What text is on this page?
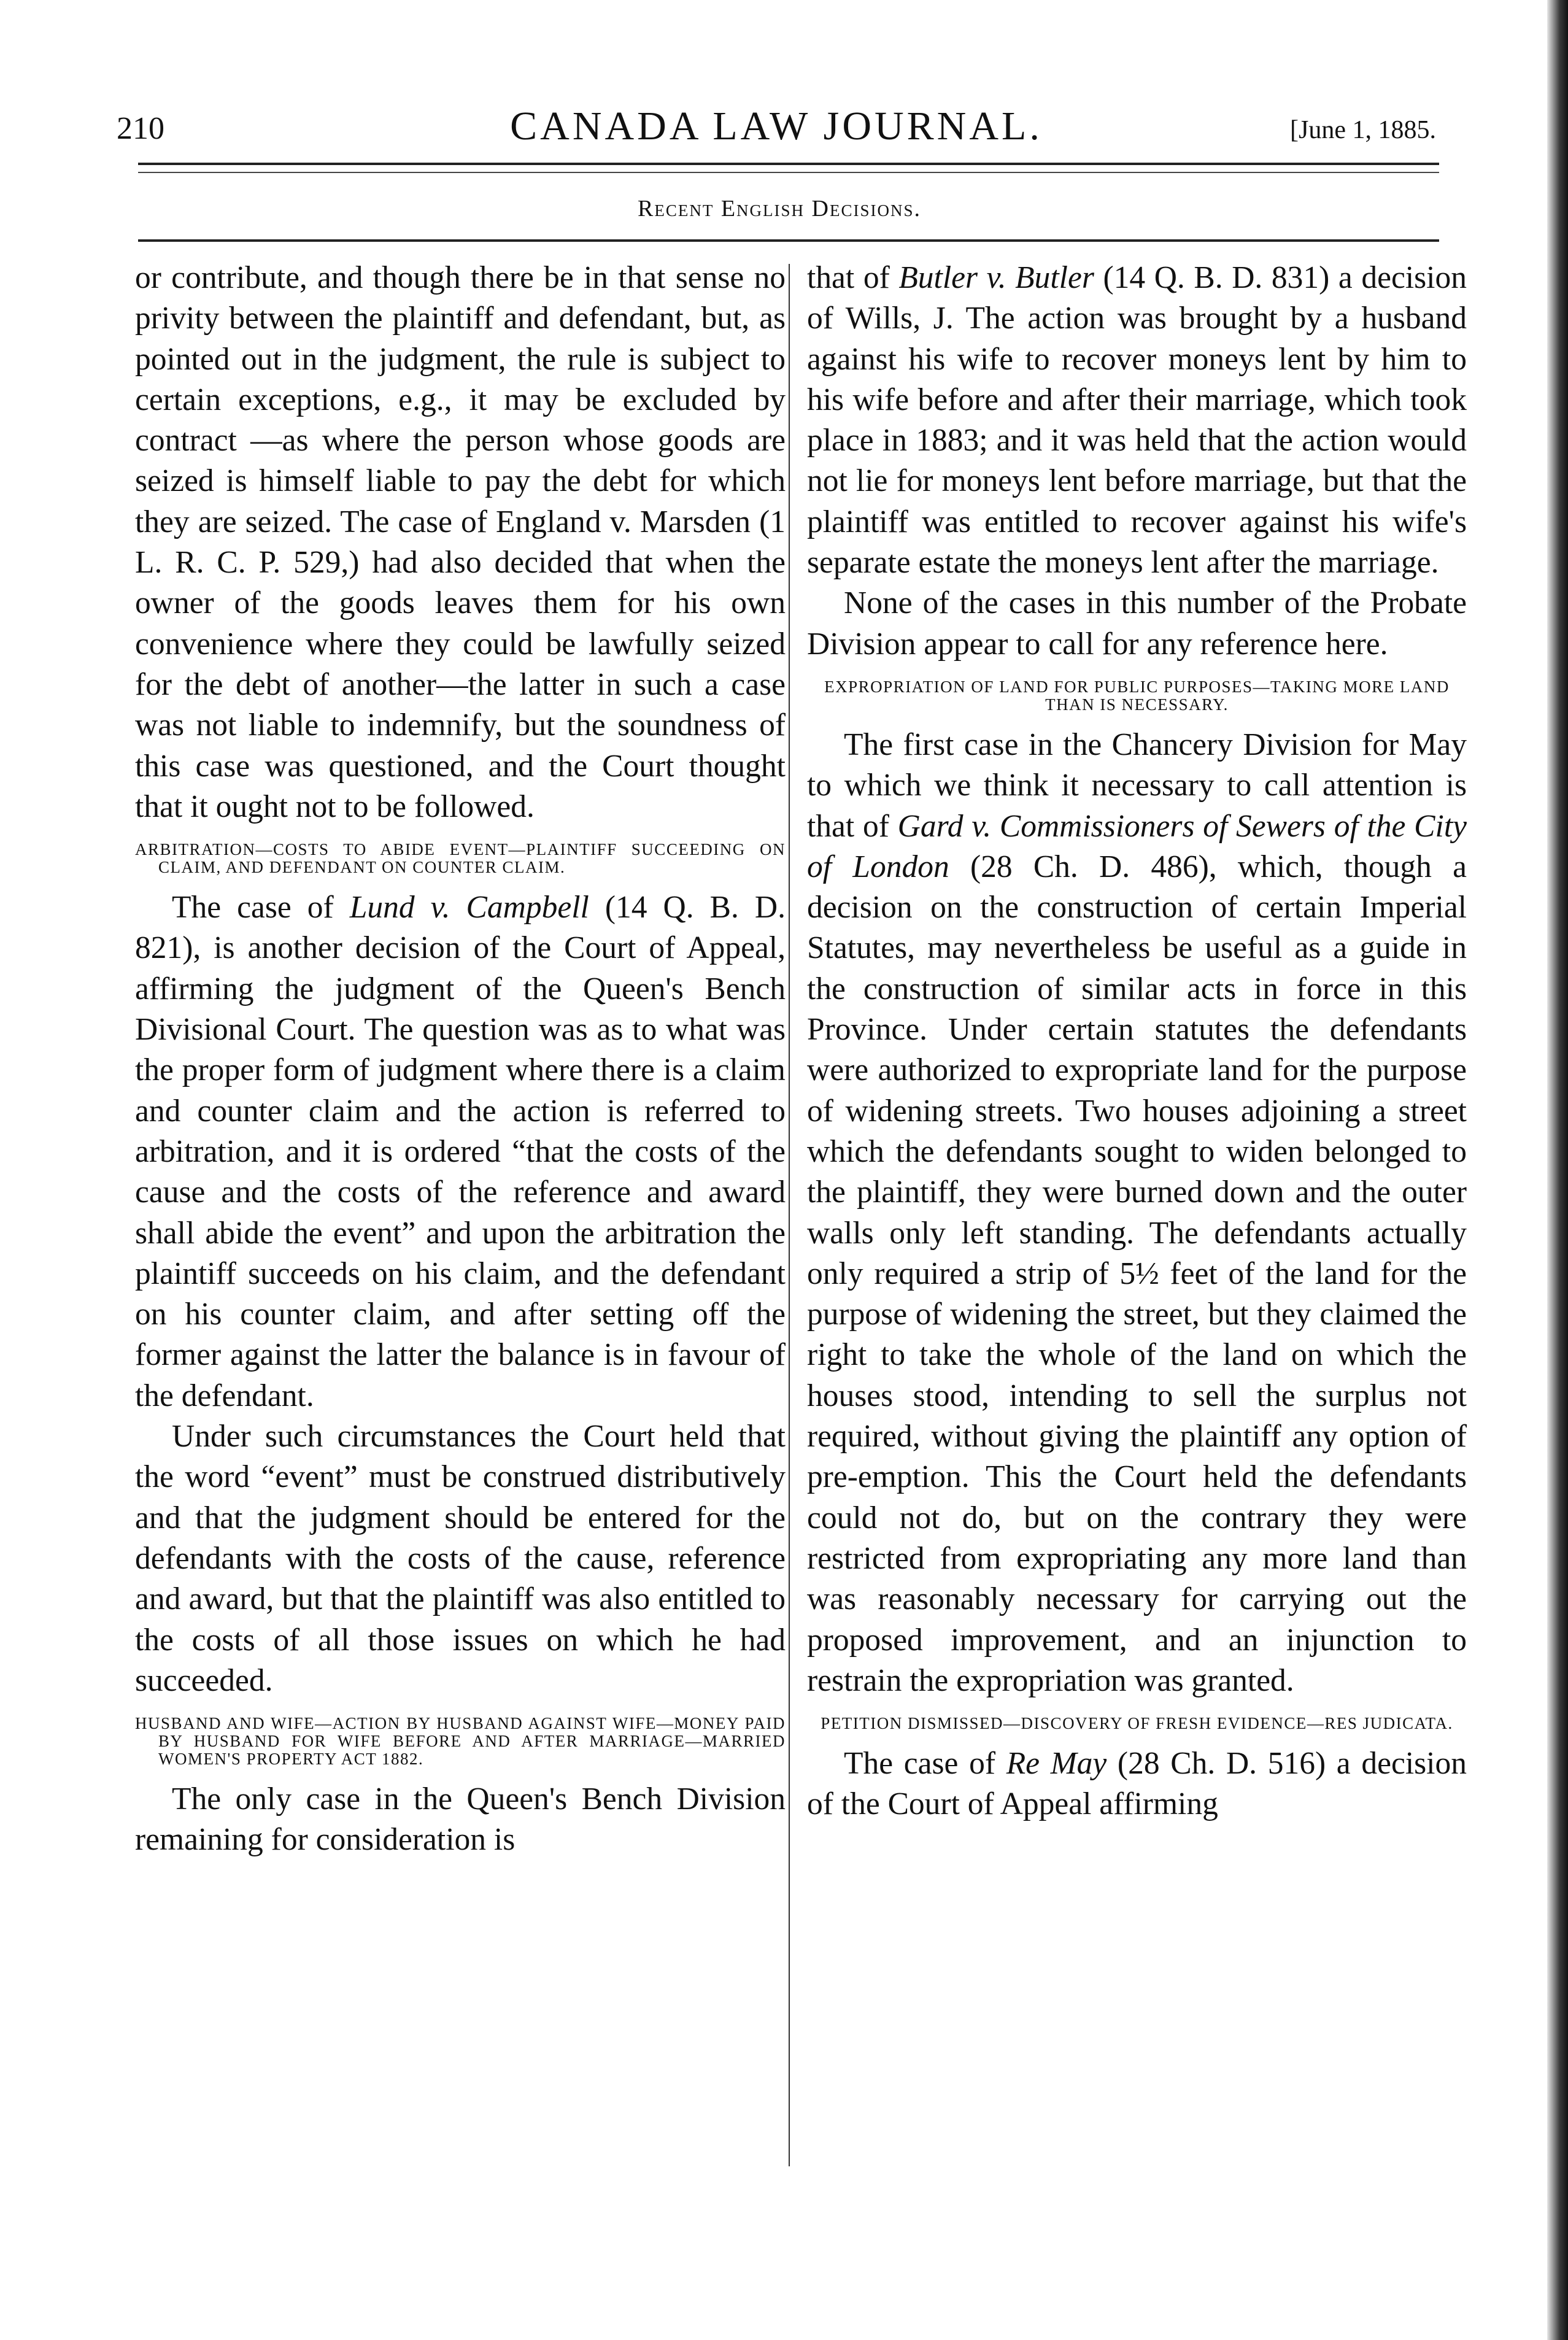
210	CANADA LAW JOURNAL.	[June 1, 1885.
Recent English Decisions.

or contribute, and though there be in that sense no privity between the plaintiff and defendant, but, as pointed out in the judgment, the rule is subject to certain exceptions, e.g., it may be excluded by contract —as where the person whose goods are seized is himself liable to pay the debt for which they are seized. The case of England v. Marsden (1 L. R. C. P. 529,) had also decided that when the owner of the goods leaves them for his own convenience where they could be lawfully seized for the debt of another—the latter in such a case was not liable to indemnify, but the soundness of this case was questioned, and the Court thought that it ought not to be followed.

ARBITRATION—COSTS TO ABIDE EVENT—PLAINTIFF SUCCEEDING ON CLAIM, AND DEFENDANT ON COUNTER CLAIM.

The case of Lund v. Campbell (14 Q. B. D. 821), is another decision of the Court of Appeal, affirming the judgment of the Queen's Bench Divisional Court. The question was as to what was the proper form of judgment where there is a claim and counter claim and the action is referred to arbitration, and it is ordered “that the costs of the cause and the costs of the reference and award shall abide the event” and upon the arbitration the plaintiff succeeds on his claim, and the defendant on his counter claim, and after setting off the former against the latter the balance is in favour of the defendant.

Under such circumstances the Court held that the word “event” must be construed distributively and that the judgment should be entered for the defendants with the costs of the cause, reference and award, but that the plaintiff was also entitled to the costs of all those issues on which he had succeeded.

HUSBAND AND WIFE—ACTION BY HUSBAND AGAINST WIFE—MONEY PAID BY HUSBAND FOR WIFE BEFORE AND AFTER MARRIAGE—MARRIED WOMEN'S PROPERTY ACT 1882.

The only case in the Queen's Bench Division remaining for consideration is

that of Butler v. Butler (14 Q. B. D. 831) a decision of Wills, J. The action was brought by a husband against his wife to recover moneys lent by him to his wife before and after their marriage, which took place in 1883; and it was held that the action would not lie for moneys lent before marriage, but that the plaintiff was entitled to recover against his wife's separate estate the moneys lent after the marriage.

None of the cases in this number of the Probate Division appear to call for any reference here.

EXPROPRIATION OF LAND FOR PUBLIC PURPOSES—TAKING MORE LAND THAN IS NECESSARY.

The first case in the Chancery Division for May to which we think it necessary to call attention is that of Gard v. Commissioners of Sewers of the City of London (28 Ch. D. 486), which, though a decision on the construction of certain Imperial Statutes, may nevertheless be useful as a guide in the construction of similar acts in force in this Province. Under certain statutes the defendants were authorized to expropriate land for the purpose of widening streets. Two houses adjoining a street which the defendants sought to widen belonged to the plaintiff, they were burned down and the outer walls only left standing. The defendants actually only required a strip of 5½ feet of the land for the purpose of widening the street, but they claimed the right to take the whole of the land on which the houses stood, intending to sell the surplus not required, without giving the plaintiff any option of pre-emption. This the Court held the defendants could not do, but on the contrary they were restricted from expropriating any more land than was reasonably necessary for carrying out the proposed improvement, and an injunction to restrain the expropriation was granted.

PETITION DISMISSED—DISCOVERY OF FRESH EVIDENCE—RES JUDICATA.

The case of Re May (28 Ch. D. 516) a decision of the Court of Appeal affirming
